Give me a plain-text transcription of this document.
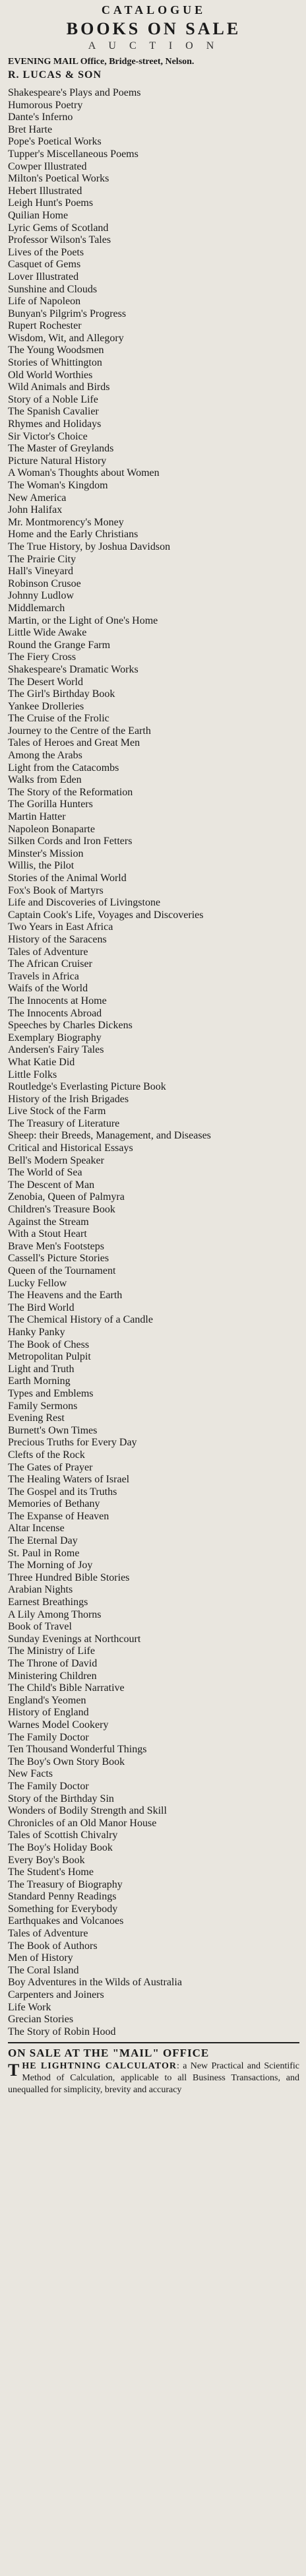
CATALOGUE
BOOKS ON SALE
A U C T I O N
EVENING MAIL Office, Bridge-street, Nelson.
R. LUCAS & SON
Shakespeare's Plays and Poems
Humorous Poetry
Dante's Inferno
Bret Harte
Pope's Poetical Works
Tupper's Miscellaneous Poems
Cowper Illustrated
Milton's Poetical Works
Hebert Illustrated
Leigh Hunt's Poems
Quilian Home
Lyric Gems of Scotland
Professor Wilson's Tales
Lives of the Poets
Casquet of Gems
Lover Illustrated
Sunshine and Clouds
Life of Napoleon
Bunyan's Pilgrim's Progress
Rupert Rochester
Wisdom, Wit, and Allegory
The Young Woodsmen
Stories of Whittington
Old World Worthies
Wild Animals and Birds
Story of a Noble Life
The Spanish Cavalier
Rhymes and Holidays
Sir Victor's Choice
The Master of Greylands
Picture Natural History
A Woman's Thoughts about Women
The Woman's Kingdom
New America
John Halifax
Mr. Montmorency's Money
Home and the Early Christians
The True History, by Joshua Davidson
The Prairie City
Hall's Vineyard
Robinson Crusoe
Johnny Ludlow
Middlemarch
Martin, or the Light of One's Home
Little Wide Awake
Round the Grange Farm
The Fiery Cross
Shakespeare's Dramatic Works
The Desert World
The Girl's Birthday Book
Yankee Drolleries
The Cruise of the Frolic
Journey to the Centre of the Earth
Tales of Heroes and Great Men
Among the Arabs
Light from the Catacombs
Walks from Eden
The Story of the Reformation
The Gorilla Hunters
Martin Hatter
Napoleon Bonaparte
Silken Cords and Iron Fetters
Minster's Mission
Willis, the Pilot
Stories of the Animal World
Fox's Book of Martyrs
Life and Discoveries of Livingstone
Captain Cook's Life, Voyages and Discoveries
Two Years in East Africa
History of the Saracens
Tales of Adventure
The African Cruiser
Travels in Africa
Waifs of the World
The Innocents at Home
The Innocents Abroad
Speeches by Charles Dickens
Exemplary Biography
Andersen's Fairy Tales
What Katie Did
Little Folks
Routledge's Everlasting Picture Book
History of the Irish Brigades
Live Stock of the Farm
The Treasury of Literature
Sheep: their Breeds, Management, and Diseases
Critical and Historical Essays
Bell's Modern Speaker
The World of Sea
The Descent of Man
Zenobia, Queen of Palmyra
Children's Treasure Book
Against the Stream
With a Stout Heart
Brave Men's Footsteps
Cassell's Picture Stories
Queen of the Tournament
Lucky Fellow
The Heavens and the Earth
The Bird World
The Chemical History of a Candle
Hanky Panky
The Book of Chess
Metropolitan Pulpit
Light and Truth
Earth Morning
Types and Emblems
Family Sermons
Evening Rest
Burnett's Own Times
Precious Truths for Every Day
Clefts of the Rock
The Gates of Prayer
The Healing Waters of Israel
The Gospel and its Truths
Memories of Bethany
The Expanse of Heaven
Altar Incense
The Eternal Day
St. Paul in Rome
The Morning of Joy
Three Hundred Bible Stories
Arabian Nights
Earnest Breathings
A Lily Among Thorns
Book of Travel
Sunday Evenings at Northcourt
The Ministry of Life
The Throne of David
Ministering Children
The Child's Bible Narrative
England's Yeomen
History of England
Warnes Model Cookery
The Family Doctor
Ten Thousand Wonderful Things
The Boy's Own Story Book
New Facts
The Family Doctor
Story of the Birthday Sin
Wonders of Bodily Strength and Skill
Chronicles of an Old Manor House
Tales of Scottish Chivalry
The Boy's Holiday Book
Every Boy's Book
The Student's Home
The Treasury of Biography
Standard Penny Readings
Something for Everybody
Earthquakes and Volcanoes
Tales of Adventure
The Book of Authors
Men of History
The Coral Island
Boy Adventures in the Wilds of Australia
Carpenters and Joiners
Life Work
Grecian Stories
The Story of Robin Hood
ON SALE AT THE "MAIL" OFFICE
T HE LIGHTNING CALCULATOR: a New Practical and Scientific Method of Calculation, applicable to all Business Transactions, and unequalled for simplicity, brevity and accuracy
